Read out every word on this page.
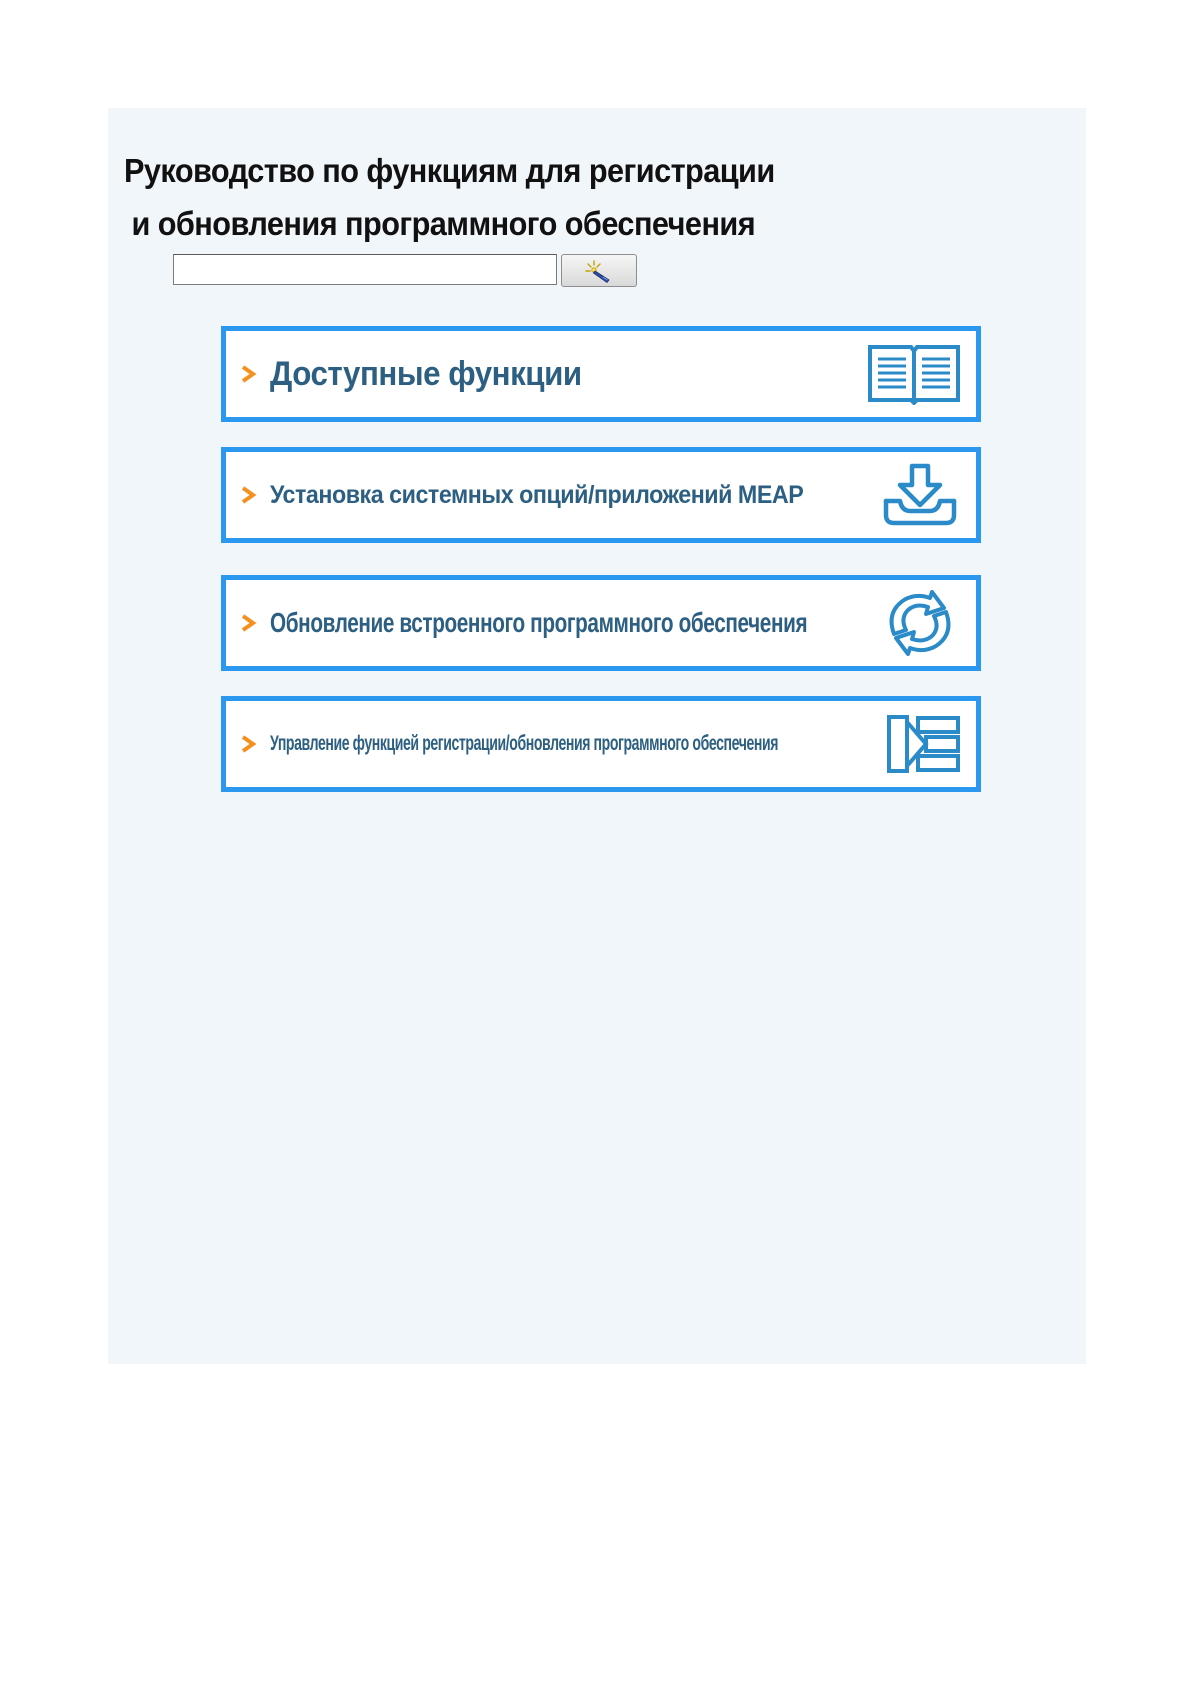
Руководство по функциям для регистрации
и обновления программного обеспечения
Доступные функции
Установка системных опций/приложений MEAP
Обновление встроенного программного обеспечения
Управление функцией регистрации/обновления программного обеспечения
